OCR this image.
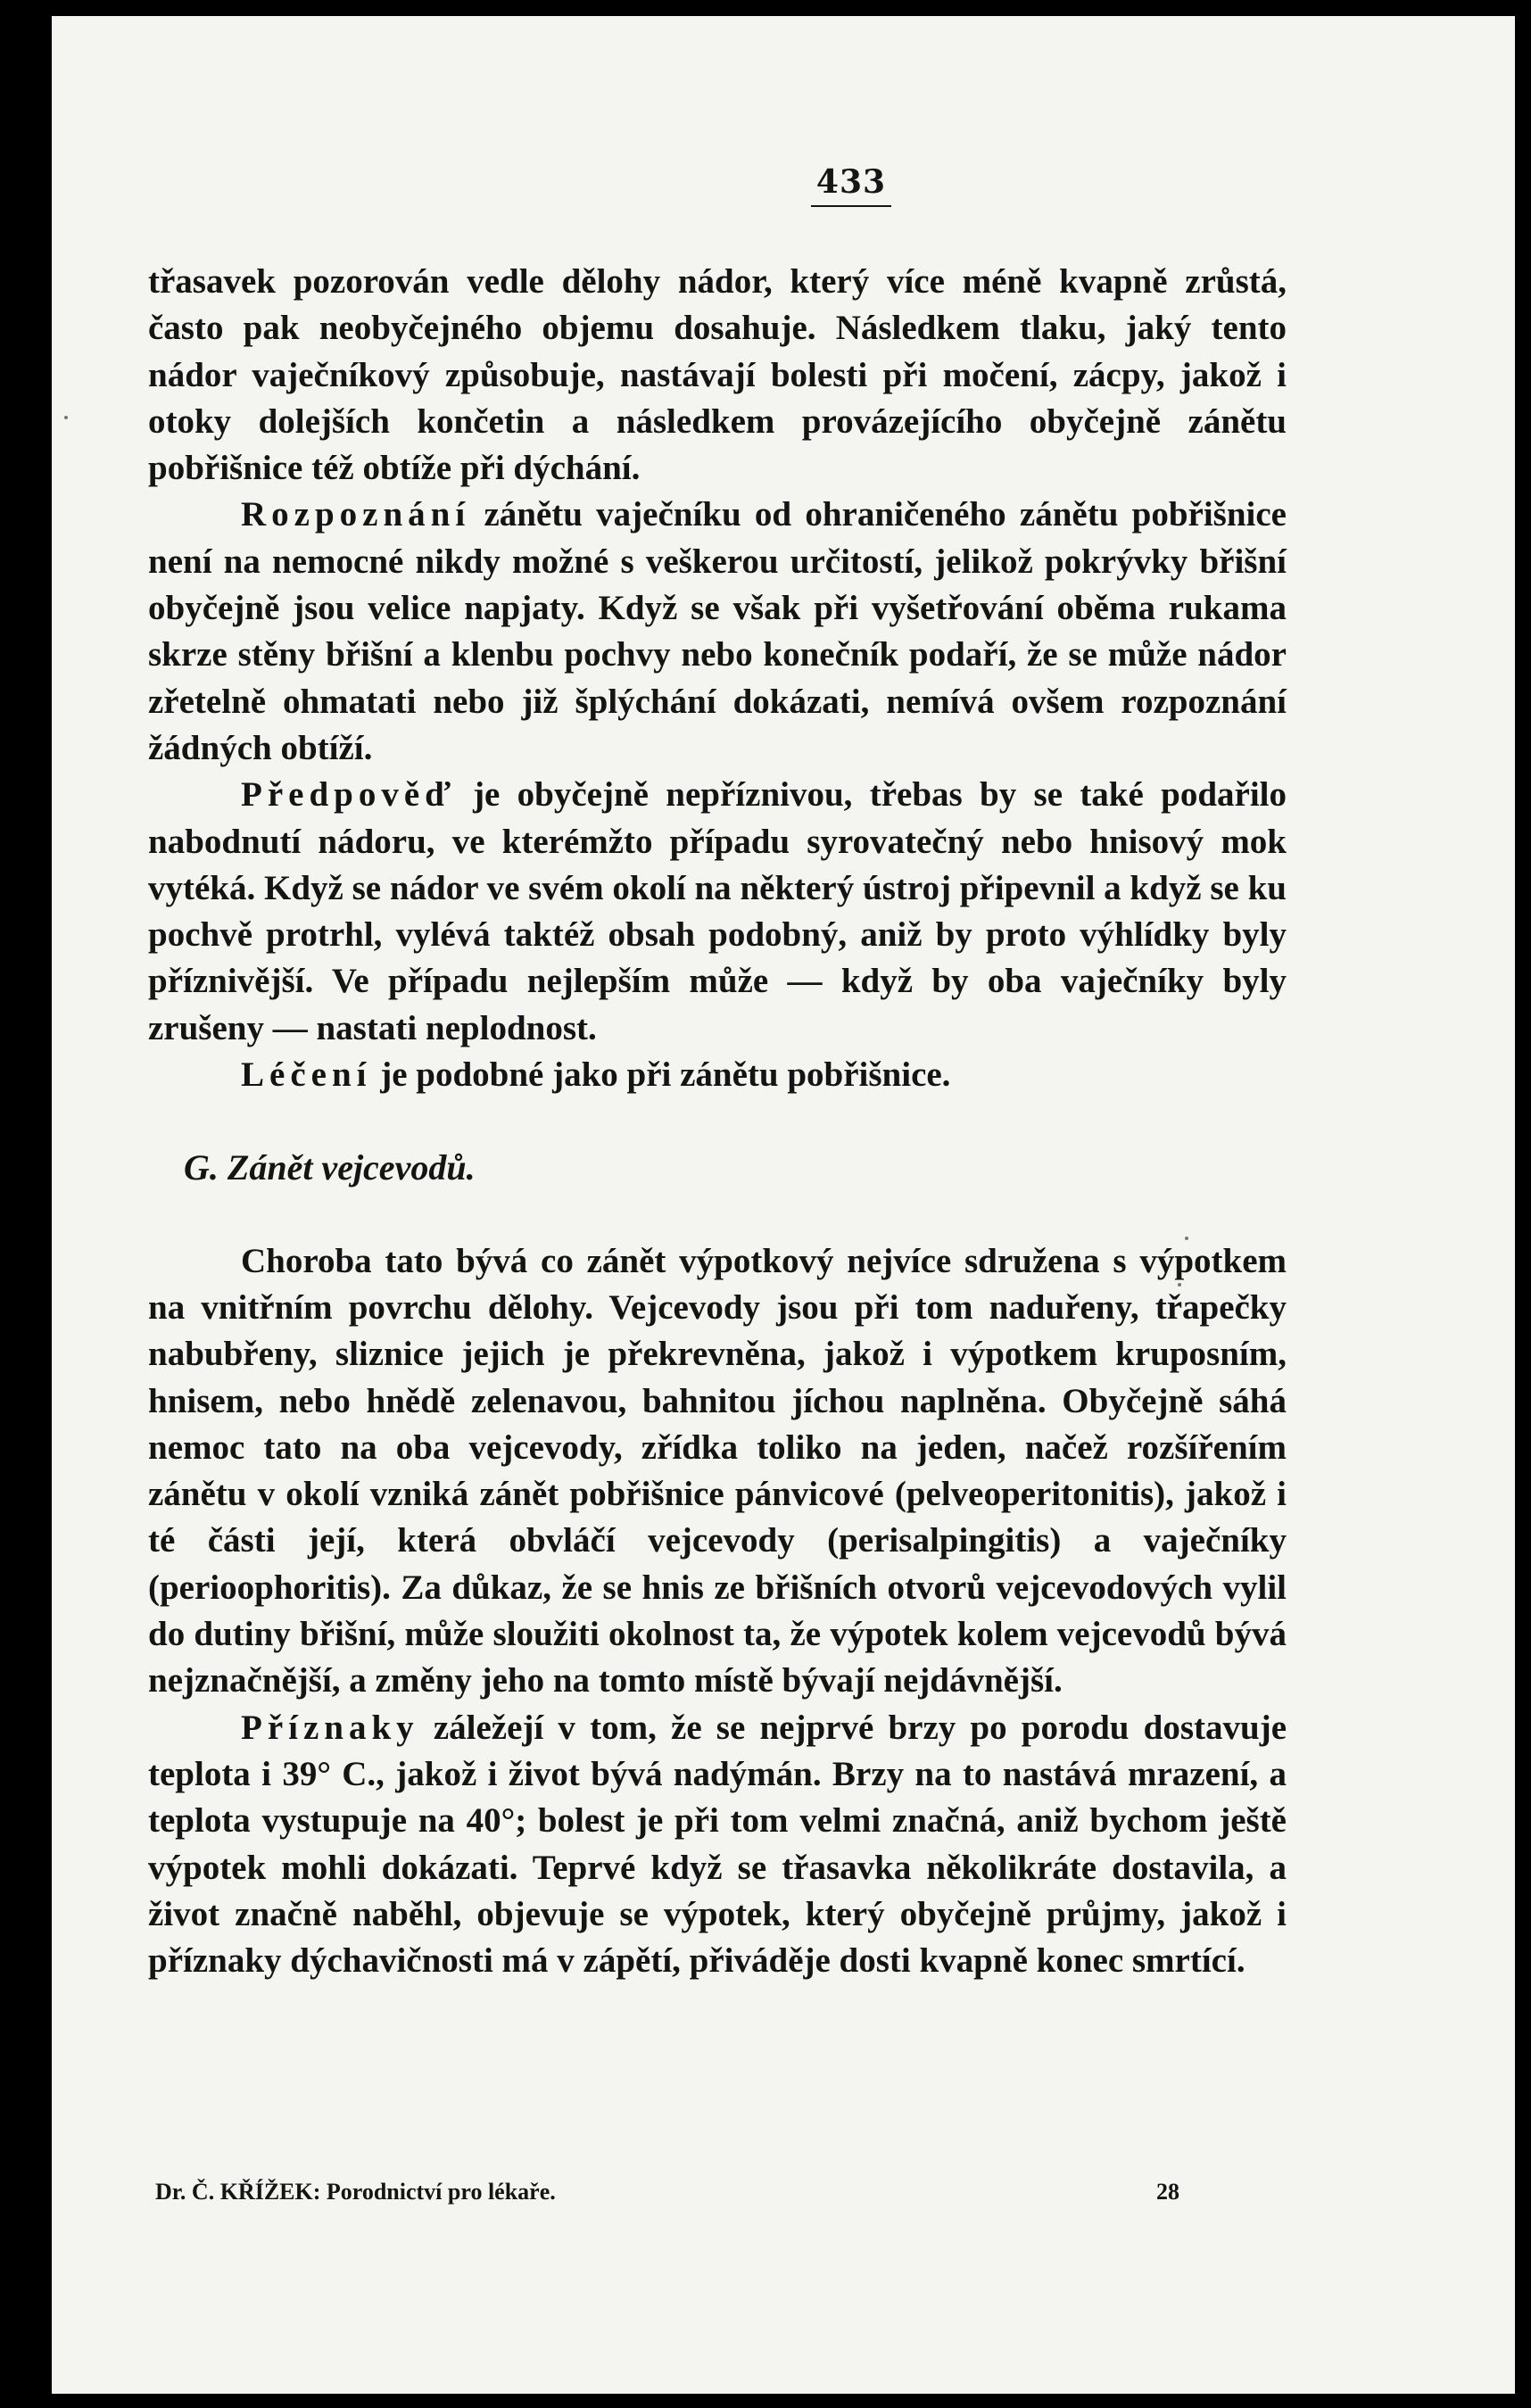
433

třasavek pozorován vedle dělohy nádor, který více méně kvapně zrůstá, často pak neobyčejného objemu dosahuje. Následkem tlaku, jaký tento nádor vaječníkový způsobuje, nastávají bolesti při močení, zácpy, jakož i otoky dolejších končetin a následkem provázejícího obyčejně zánětu pobřišnice též obtíže při dýchání.

Rozpoznání zánětu vaječníku od ohraničeného zánětu pobřišnice není na nemocné nikdy možné s veškerou určitostí, jelikož pokrývky břišní obyčejně jsou velice napjaty. Když se však při vyšetřování oběma rukama skrze stěny břišní a klenbu pochvy nebo konečník podaří, že se může nádor zřetelně ohmatati nebo již šplýchání dokázati, nemívá ovšem rozpoznání žádných obtíží.

Předpověď je obyčejně nepříznivou, třebas by se také podařilo nabodnutí nádoru, ve kterémžto případu syrovatečný nebo hnisový mok vytéká. Když se nádor ve svém okolí na některý ústroj připevnil a když se ku pochvě protrhl, vylévá taktéž obsah podobný, aniž by proto výhlídky byly příznivější. Ve případu nejlepším může — když by oba vaječníky byly zrušeny — nastati neplodnost.

Léčení je podobné jako při zánětu pobřišnice.

G. Zánět vejcevodů.

Choroba tato bývá co zánět výpotkový nejvíce sdružena s výpotkem na vnitřním povrchu dělohy. Vejcevody jsou při tom naduřeny, třapečky nabubřeny, sliznice jejich je překrevněna, jakož i výpotkem kruposním, hnisem, nebo hnědě zelenavou, bahnitou jíchou naplněna. Obyčejně sáhá nemoc tato na oba vejcevody, zřídka toliko na jeden, načež rozšířením zánětu v okolí vzniká zánět pobřišnice pánvicové (pelveoperitonitis), jakož i té části její, která obvláčí vejcevody (perisalpingitis) a vaječníky (perioophoritis). Za důkaz, že se hnis ze břišních otvorů vejcevodových vylil do dutiny břišní, může sloužiti okolnost ta, že výpotek kolem vejcevodů bývá nejznačnější, a změny jeho na tomto místě bývají nejdávnější.

Příznaky záležejí v tom, že se nejprvé brzy po porodu dostavuje teplota i 39° C., jakož i život bývá nadýmán. Brzy na to nastává mrazení, a teplota vystupuje na 40°; bolest je při tom velmi značná, aniž bychom ještě výpotek mohli dokázati. Teprvé když se třasavka několikráte dostavila, a život značně naběhl, objevuje se výpotek, který obyčejně průjmy, jakož i příznaky dýchavičnosti má v zápětí, přiváděje dosti kvapně konec smrtící.

Dr. Č. KŘÍŽEK: Porodnictví pro lékaře.	28
